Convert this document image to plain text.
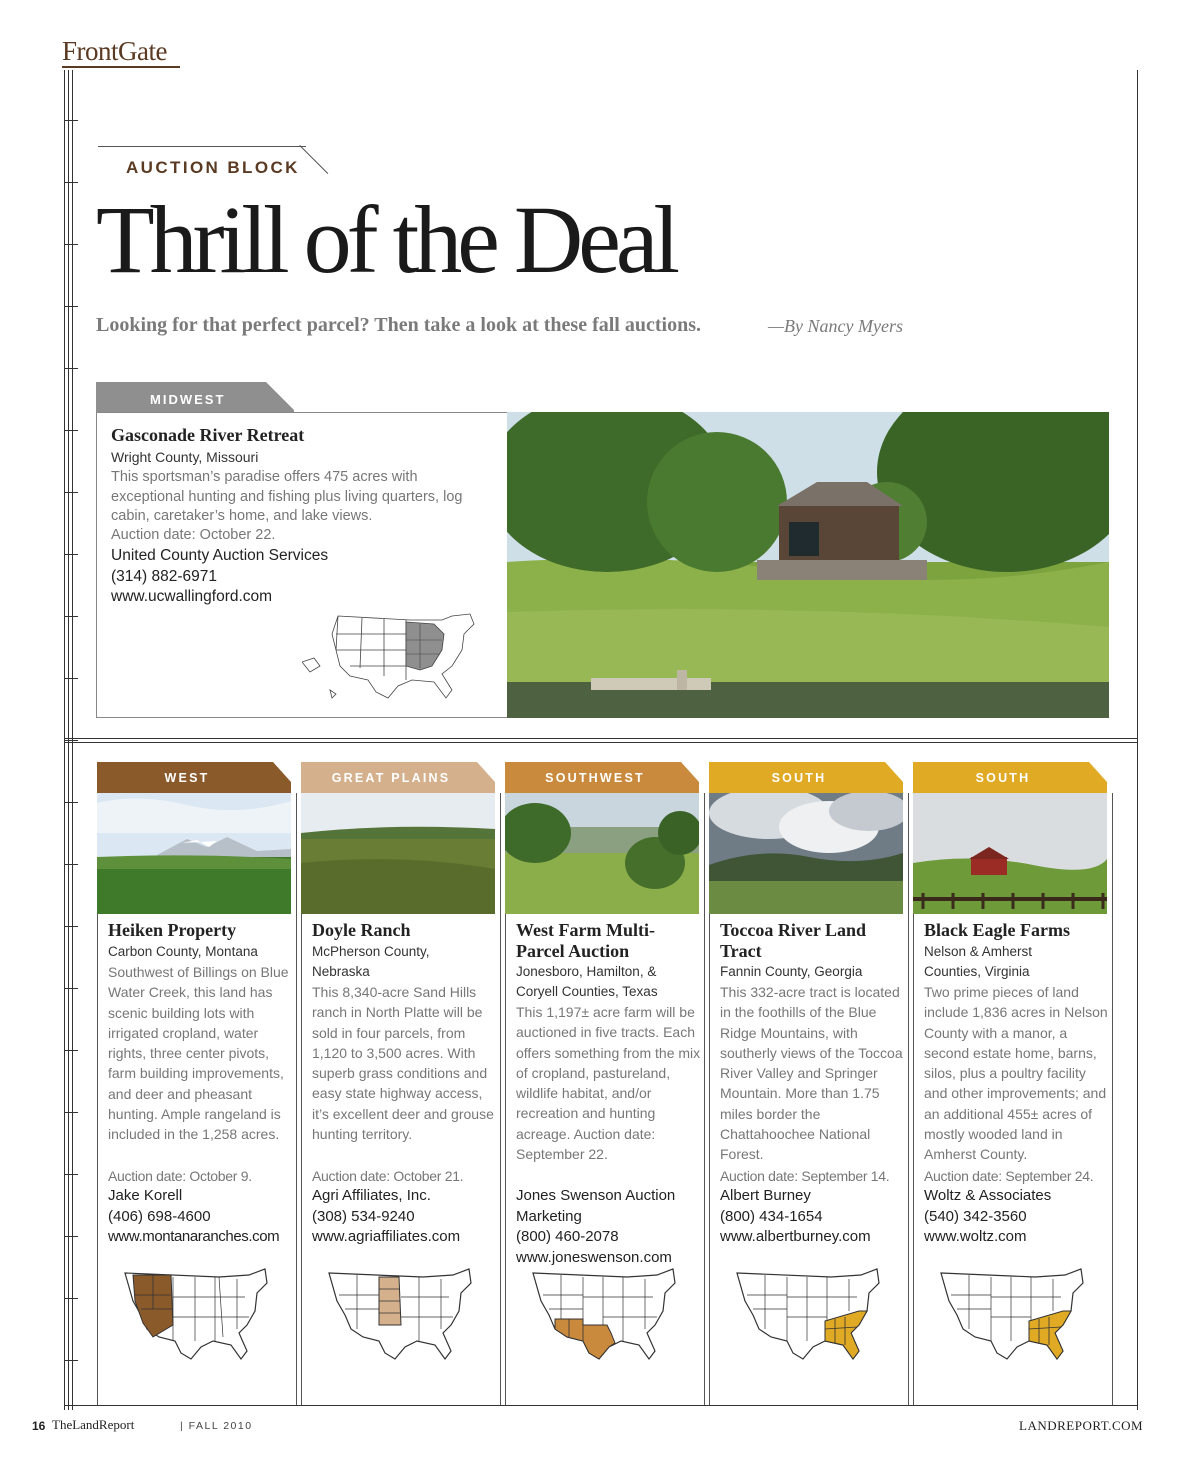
FrontGate
AUCTION BLOCK
Thrill of the Deal
Looking for that perfect parcel? Then take a look at these fall auctions.	—By Nancy Myers
MIDWEST
Gasconade River Retreat
Wright County, Missouri
This sportsman’s paradise offers 475 acres with exceptional hunting and fishing plus living quarters, log cabin, caretaker’s home, and lake views.
Auction date: October 22.
United County Auction Services
(314) 882-6971
www.ucwallingford.com
WEST
Heiken Property
Carbon County, Montana
Southwest of Billings on Blue Water Creek, this land has scenic building lots with irrigated cropland, water rights, three center pivots, farm building improvements, and deer and pheasant hunting. Ample rangeland is included in the 1,258 acres.
Auction date: October 9.
Jake Korell
(406) 698-4600
www.montanaranches.com
GREAT PLAINS
Doyle Ranch
McPherson County, Nebraska
This 8,340-acre Sand Hills ranch in North Platte will be sold in four parcels, from 1,120 to 3,500 acres. With superb grass conditions and easy state highway access, it’s excellent deer and grouse hunting territory.
Auction date: October 21.
Agri Affiliates, Inc.
(308) 534-9240
www.agriaffiliates.com
SOUTHWEST
West Farm Multi-Parcel Auction
Jonesboro, Hamilton, & Coryell Counties, Texas
This 1,197± acre farm will be auctioned in five tracts. Each offers something from the mix of cropland, pastureland, wildlife habitat, and/or recreation and hunting acreage. Auction date: September 22.
Jones Swenson Auction Marketing
(800) 460-2078
www.joneswenson.com
SOUTH
Toccoa River Land Tract
Fannin County, Georgia
This 332-acre tract is located in the foothills of the Blue Ridge Mountains, with southerly views of the Toccoa River Valley and Springer Mountain. More than 1.75 miles border the Chattahoochee National Forest.
Auction date: September 14.
Albert Burney
(800) 434-1654
www.albertburney.com
SOUTH
Black Eagle Farms
Nelson & Amherst Counties, Virginia
Two prime pieces of land include 1,836 acres in Nelson County with a manor, a second estate home, barns, silos, plus a poultry facility and other improvements; and an additional 455± acres of mostly wooded land in Amherst County.
Auction date: September 24.
Woltz & Associates
(540) 342-3560
www.woltz.com
16 TheLandReport	| FALL 2010	LANDREPORT.COM
